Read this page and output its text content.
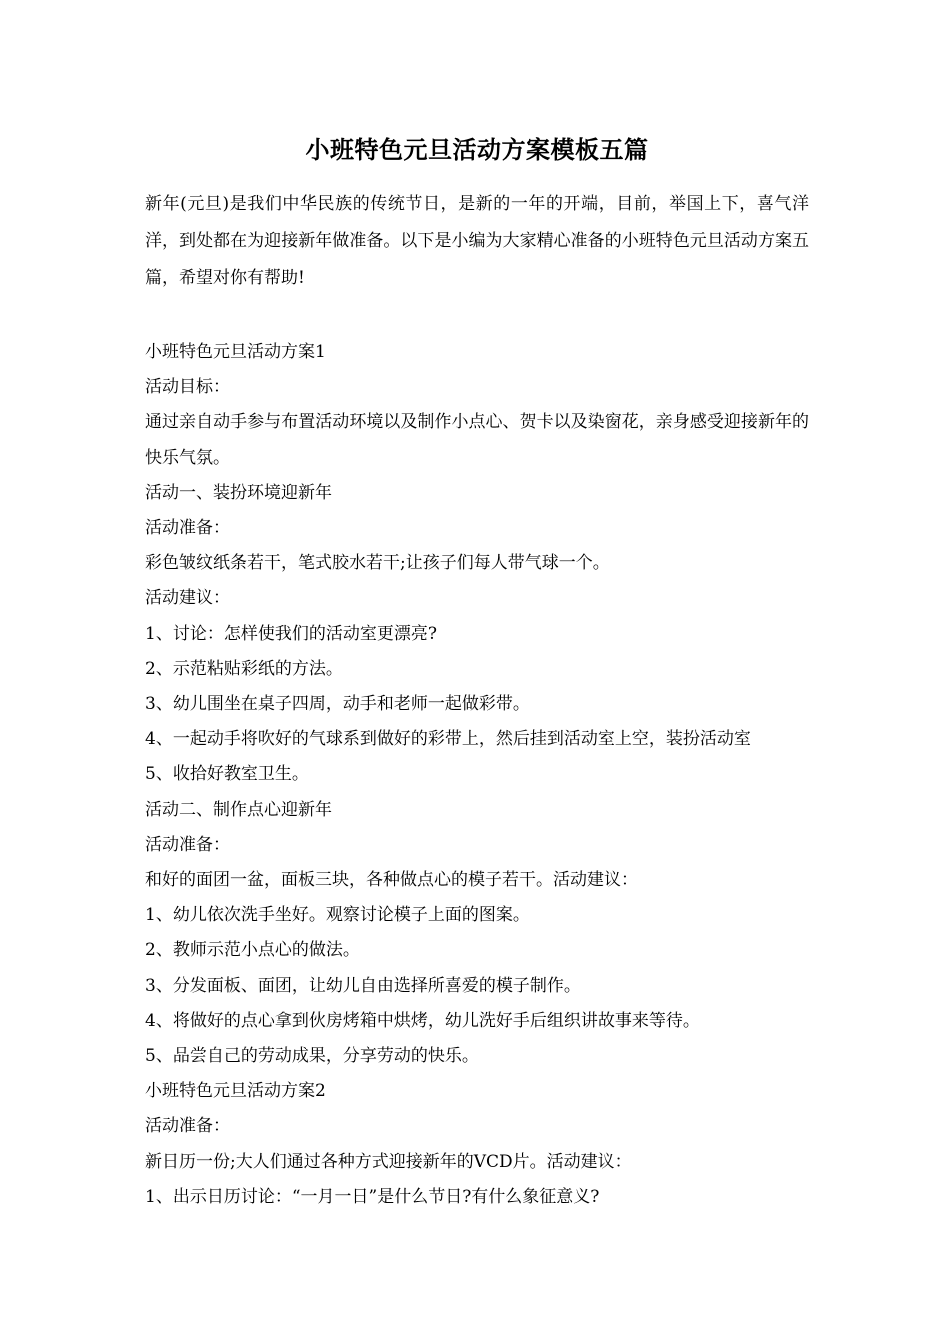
小班特色元旦活动方案模板五篇

新年(元旦)是我们中华民族的传统节日，是新的一年的开端，目前，举国上下，喜气洋洋，到处都在为迎接新年做准备。以下是小编为大家精心准备的小班特色元旦活动方案五篇，希望对你有帮助!

小班特色元旦活动方案1

活动目标：

通过亲自动手参与布置活动环境以及制作小点心、贺卡以及染窗花，亲身感受迎接新年的快乐气氛。

活动一、装扮环境迎新年

活动准备：

彩色皱纹纸条若干，笔式胶水若干;让孩子们每人带气球一个。

活动建议：

1、讨论：怎样使我们的活动室更漂亮?

2、示范粘贴彩纸的方法。

3、幼儿围坐在桌子四周，动手和老师一起做彩带。

4、一起动手将吹好的气球系到做好的彩带上，然后挂到活动室上空，装扮活动室

5、收拾好教室卫生。

活动二、制作点心迎新年

活动准备：

和好的面团一盆，面板三块，各种做点心的模子若干。活动建议：

1、幼儿依次洗手坐好。观察讨论模子上面的图案。

2、教师示范小点心的做法。

3、分发面板、面团，让幼儿自由选择所喜爱的模子制作。

4、将做好的点心拿到伙房烤箱中烘烤，幼儿洗好手后组织讲故事来等待。

5、品尝自己的劳动成果，分享劳动的快乐。

小班特色元旦活动方案2

活动准备：

新日历一份;大人们通过各种方式迎接新年的VCD片。活动建议：

1、出示日历讨论：“一月一日”是什么节日?有什么象征意义?
